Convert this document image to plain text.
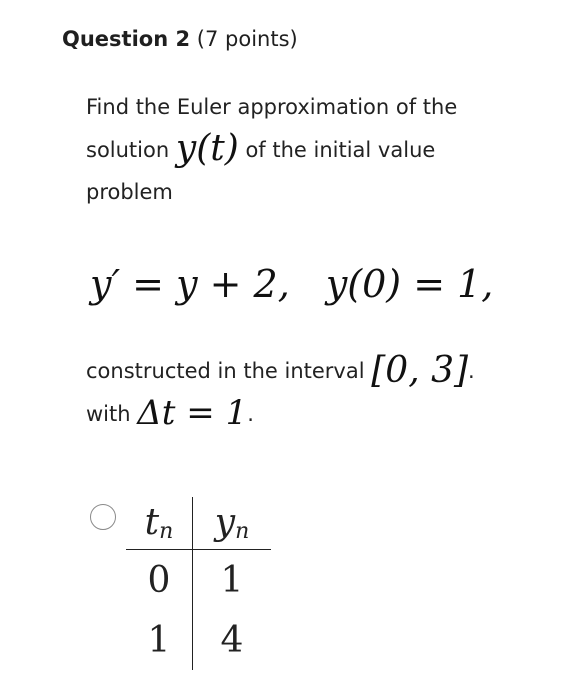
Question 2 (7 points)
Find the Euler approximation of the
solution y(t) of the initial value
problem
y′ = y + 2, y(0) = 1,
constructed in the interval [0, 3].
with Δt = 1.
$t_n$	$y_n$
0	1
1	4
